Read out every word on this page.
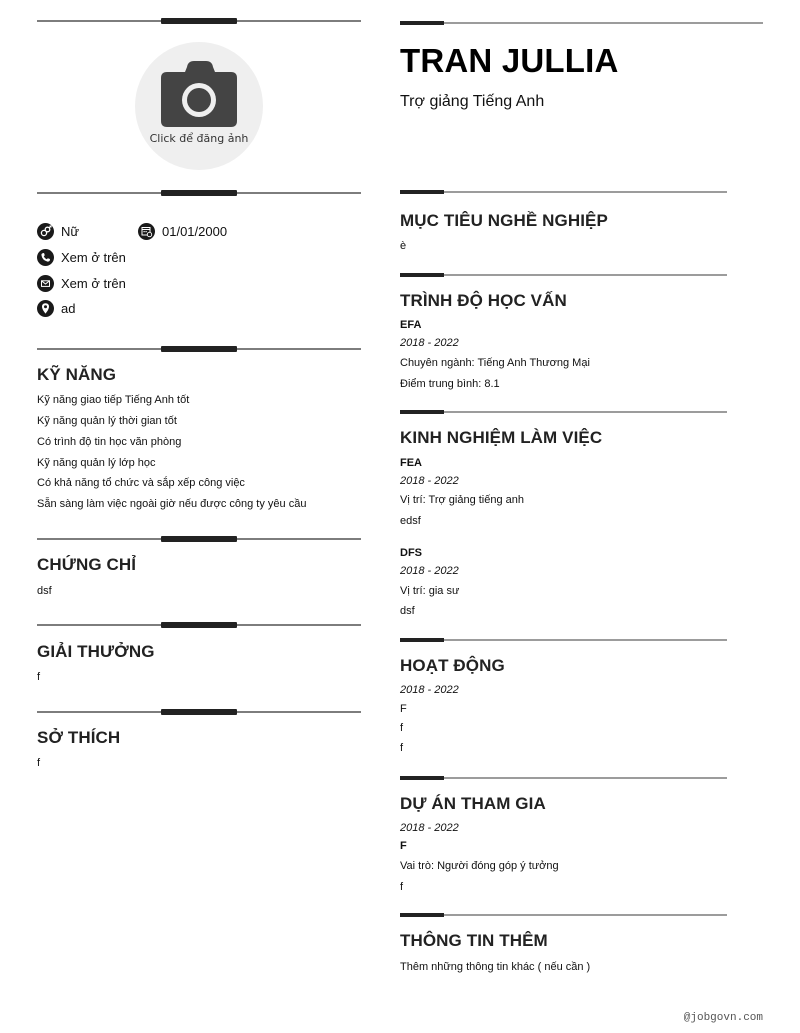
Click để đăng ảnh
Nữ	01/01/2000
Xem ở trên
Xem ở trên
ad
KỸ NĂNG
Kỹ năng giao tiếp Tiếng Anh tốt
Kỹ năng quản lý thời gian tốt
Có trình độ tin học văn phòng
Kỹ năng quản lý lớp học
Có khả năng tổ chức và sắp xếp công việc
Sẵn sàng làm việc ngoài giờ nếu được công ty yêu cầu
CHỨNG CHỈ
dsf
GIẢI THƯỞNG
f
SỞ THÍCH
f
TRAN JULLIA
Trợ giảng Tiếng Anh
MỤC TIÊU NGHỀ NGHIỆP
è
TRÌNH ĐỘ HỌC VẤN
EFA
2018 - 2022
Chuyên ngành: Tiếng Anh Thương Mại
Điểm trung bình: 8.1
KINH NGHIỆM LÀM VIỆC
FEA
2018 - 2022
Vị trí: Trợ giảng tiếng anh
edsf
DFS
2018 - 2022
Vị trí: gia sư
dsf
HOẠT ĐỘNG
2018 - 2022
F
f
f
DỰ ÁN THAM GIA
2018 - 2022
F
Vai trò: Người đóng góp ý tưởng
f
THÔNG TIN THÊM
Thêm những thông tin khác ( nếu cần )
@jobgovn.com
